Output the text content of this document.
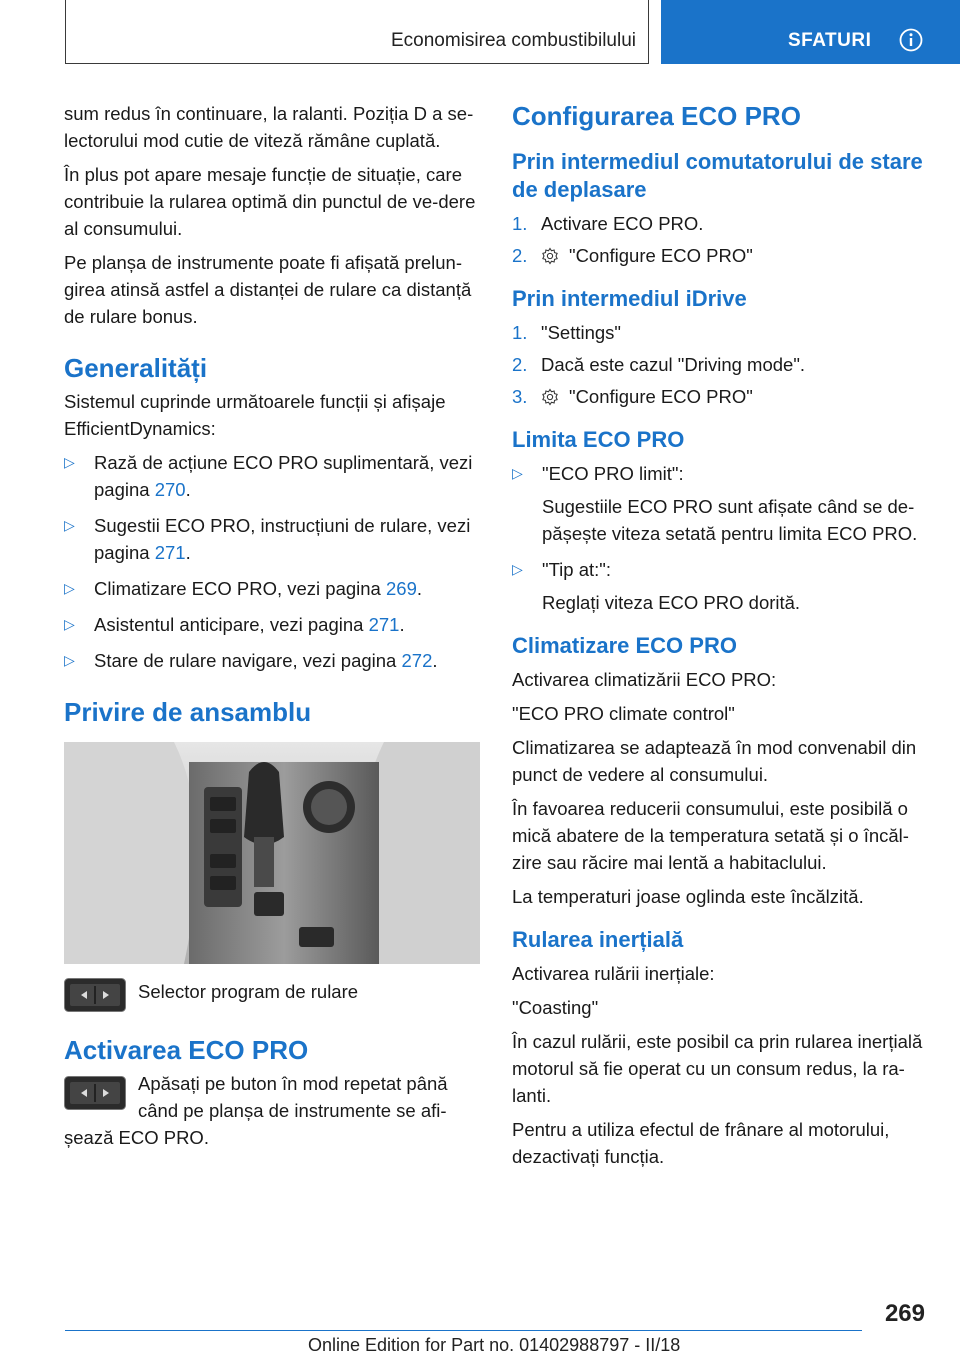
Economisirea combustibilului	SFATURI

sum redus în continuare, la ralanti. Poziția D a se-lectorului mod cutie de viteză rămâne cuplată.

În plus pot apare mesaje funcție de situație, care contribuie la rularea optimă din punctul de ve-dere al consumului.

Pe planșa de instrumente poate fi afișată prelun-girea atinsă astfel a distanței de rulare ca distanță de rulare bonus.

Generalități

Sistemul cuprinde următoarele funcții și afișaje EfficientDynamics:

▷ Rază de acțiune ECO PRO suplimentară, vezi pagina 270.
▷ Sugestii ECO PRO, instrucțiuni de rulare, vezi pagina 271.
▷ Climatizare ECO PRO, vezi pagina 269.
▷ Asistentul anticipare, vezi pagina 271.
▷ Stare de rulare navigare, vezi pagina 272.
Privire de ansamblu

Selector program de rulare

Activarea ECO PRO

Apăsați pe buton în mod repetat până când pe planșa de instrumente se afi-șează ECO PRO.

Configurarea ECO PRO
Prin intermediul comutatorului de stare de deplasare
1. Activare ECO PRO.
2. "Configure ECO PRO"
Prin intermediul iDrive
1. "Settings"
2. Dacă este cazul "Driving mode".
3. "Configure ECO PRO"
Limita ECO PRO
▷ "ECO PRO limit":
Sugestiile ECO PRO sunt afișate când se de-pășește viteza setată pentru limita ECO PRO.
▷ "Tip at:":
Reglați viteza ECO PRO dorită.
Climatizare ECO PRO

Activarea climatizării ECO PRO:

"ECO PRO climate control"

Climatizarea se adaptează în mod convenabil din punct de vedere al consumului.

În favoarea reducerii consumului, este posibilă o mică abatere de la temperatura setată și o încăl-zire sau răcire mai lentă a habitaclului.

La temperaturi joase oglinda este încălzită.

Rularea inerțială

Activarea rulării inerțiale:

"Coasting"

În cazul rulării, este posibil ca prin rularea inerțială motorul să fie operat cu un consum redus, la ra-lanti.

Pentru a utiliza efectul de frânare al motorului, dezactivați funcția.

269
Online Edition for Part no. 01402988797 - II/18
